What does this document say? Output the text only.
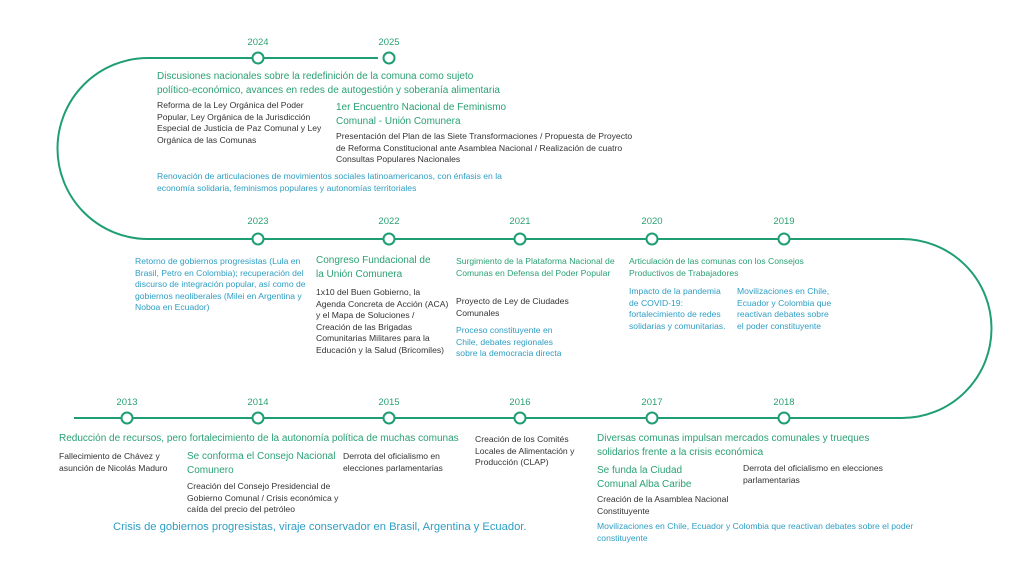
2024	2025
2023	2022	2021	2020	2019
2013	2014	2015	2016	2017	2018
Discusiones nacionales sobre la redefinición de la comuna como sujeto político-económico, avances en redes de autogestión y soberanía alimentaria
Reforma de la Ley Orgánica del Poder Popular, Ley Orgánica de la Jurisdicción Especial de Justicia de Paz Comunal y Ley Orgánica de las Comunas
1er Encuentro Nacional de Feminismo Comunal - Unión Comunera
Presentación del Plan de las Siete Transformaciones / Propuesta de Proyecto de Reforma Constitucional ante Asamblea Nacional / Realización de cuatro Consultas Populares Nacionales
Renovación de articulaciones de movimientos sociales latinoamericanos, con énfasis en la economía solidaria, feminismos populares y autonomías territoriales
Retorno de gobiernos progresistas (Lula en Brasil, Petro en Colombia); recuperación del discurso de integración popular, así como de gobiernos neoliberales (Milei en Argentina y Noboa en Ecuador)
Congreso Fundacional de la Unión Comunera
1x10 del Buen Gobierno, la Agenda Concreta de Acción (ACA) y el Mapa de Soluciones / Creación de las Brigadas Comunitarias Militares para la Educación y la Salud (Bricomiles)
Surgimiento de la Plataforma Nacional de Comunas en Defensa del Poder Popular
Proyecto de Ley de Ciudades Comunales
Proceso constituyente en Chile, debates regionales sobre la democracia directa
Articulación de las comunas con los Consejos Productivos de Trabajadores
Impacto de la pandemia de COVID-19: fortalecimiento de redes solidarias y comunitarias.
Movilizaciones en Chile, Ecuador y Colombia que reactivan debates sobre el poder constituyente
Reducción de recursos, pero fortalecimiento de la autonomía política de muchas comunas
Fallecimiento de Chávez y asunción de Nicolás Maduro
Se conforma el Consejo Nacional Comunero
Creación del Consejo Presidencial de Gobierno Comunal / Crisis económica y caída del precio del petróleo
Derrota del oficialismo en elecciones parlamentarias
Crisis de gobiernos progresistas, viraje conservador en Brasil, Argentina y Ecuador.
Creación de los Comités Locales de Alimentación y Producción (CLAP)
Diversas comunas impulsan mercados comunales y trueques solidarios frente a la crisis económica
Se funda la Ciudad Comunal Alba Caribe
Creación de la Asamblea Nacional Constituyente
Derrota del oficialismo en elecciones parlamentarias
Movilizaciones en Chile, Ecuador y Colombia que reactivan debates sobre el poder constituyente
